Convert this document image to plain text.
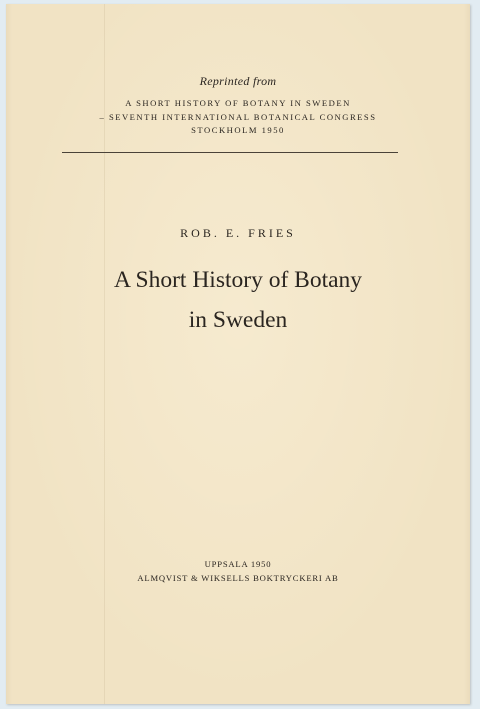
Reprinted from

A SHORT HISTORY OF BOTANY IN SWEDEN

– SEVENTH INTERNATIONAL BOTANICAL CONGRESS

STOCKHOLM 1950

ROB. E. FRIES
A Short History of Botany
in Sweden
UPPSALA 1950
ALMQVIST & WIKSELLS BOKTRYCKERI AB
